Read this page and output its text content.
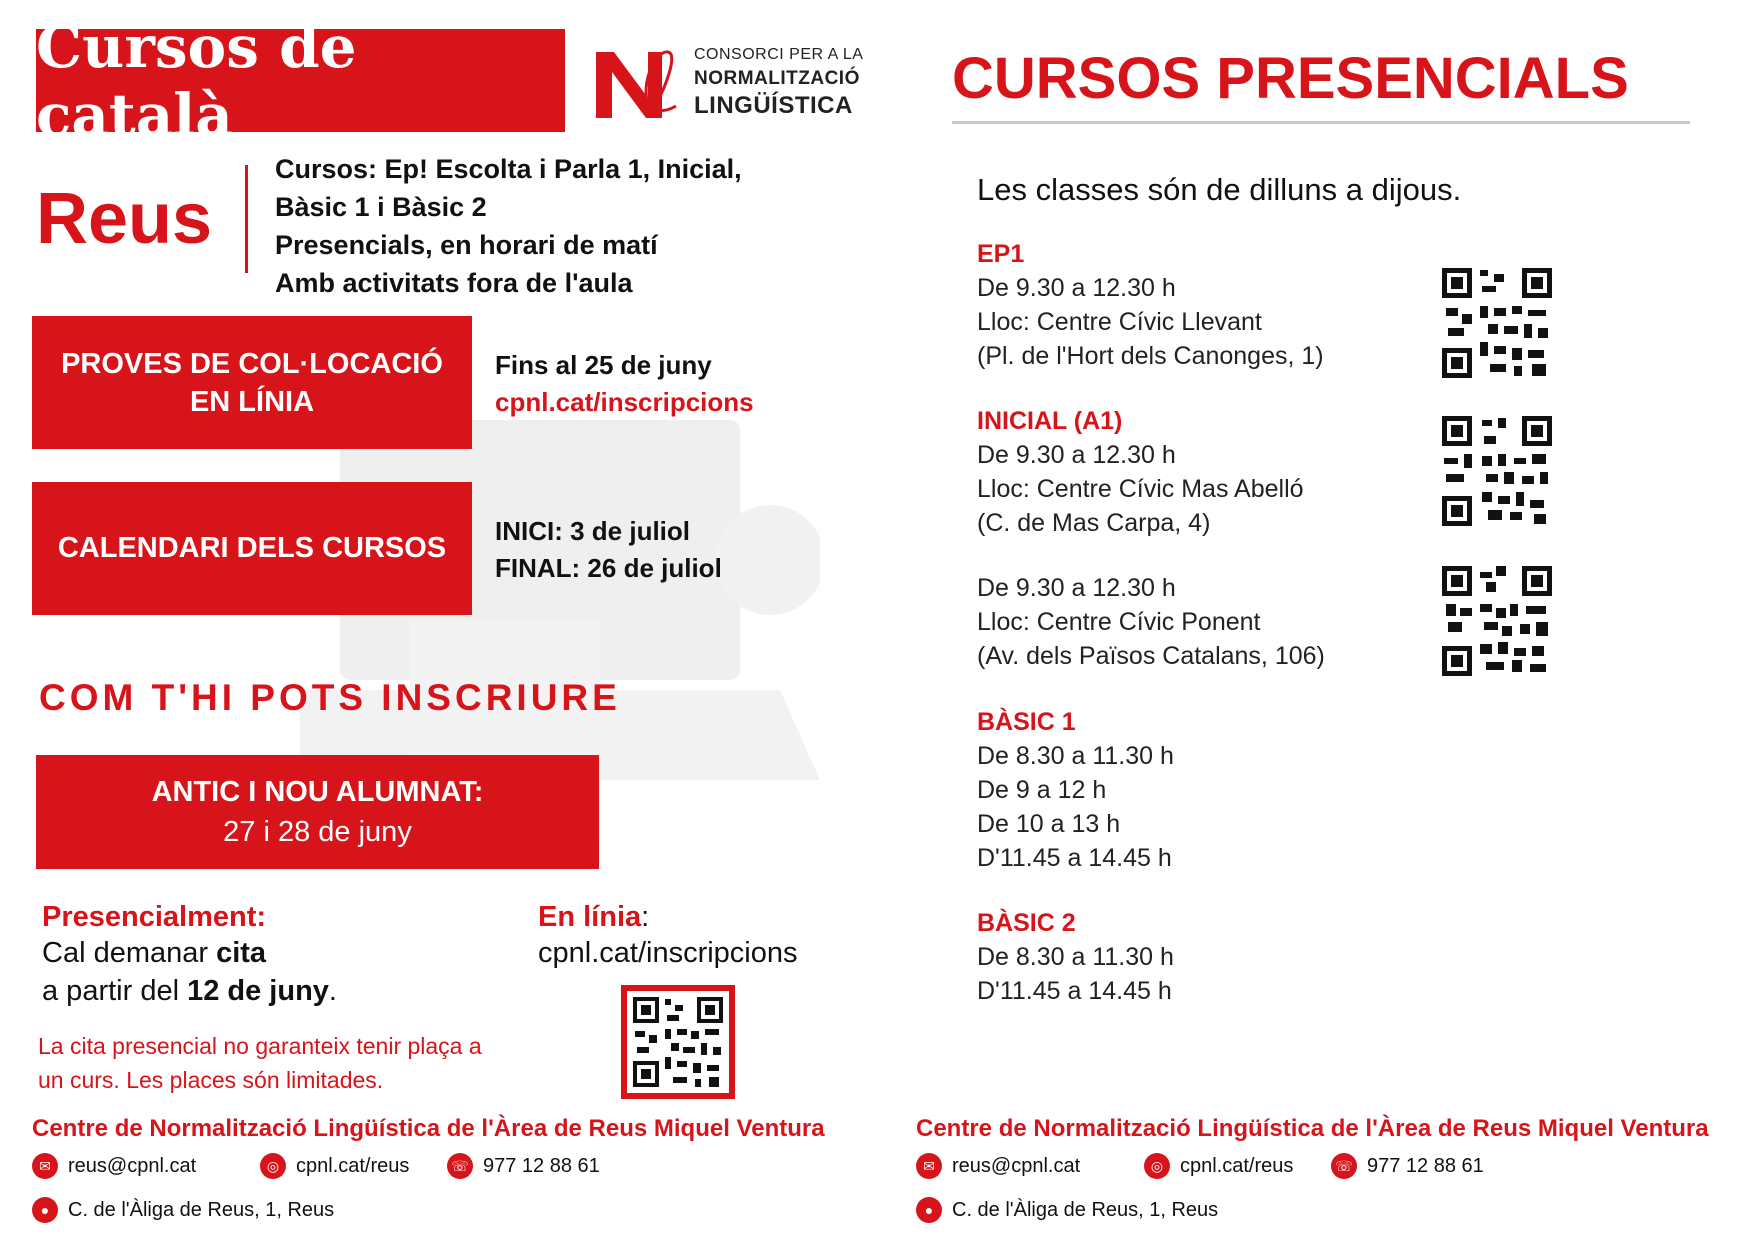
Cursos de català
CONSORCI PER A LA
NORMALITZACIÓ
LINGÜÍSTICA
Reus
Cursos: Ep! Escolta i Parla 1, Inicial,
Bàsic 1 i Bàsic 2
Presencials, en horari de matí
Amb activitats fora de l'aula
PROVES DE COL·LOCACIÓ
EN LÍNIA
Fins al 25 de juny
cpnl.cat/inscripcions
CALENDARI DELS CURSOS
INICI: 3 de juliol
FINAL: 26 de juliol
COM T'HI POTS INSCRIURE
ANTIC I NOU ALUMNAT:
27 i 28 de juny
Presencialment:
Cal demanar cita
a partir del 12 de juny.
En línia:
cpnl.cat/inscripcions
La cita presencial no garanteix tenir plaça a
un curs. Les places són limitades.
CURSOS PRESENCIALS
Les classes són de dilluns a dijous.
EP1
De 9.30 a 12.30 h
Lloc: Centre Cívic Llevant
(Pl. de l'Hort dels Canonges, 1)
INICIAL (A1)
De 9.30 a 12.30 h
Lloc: Centre Cívic Mas Abelló
(C. de Mas Carpa, 4)
De 9.30 a 12.30 h
Lloc: Centre Cívic Ponent
(Av. dels Països Catalans, 106)
BÀSIC 1
De 8.30 a 11.30 h
De 9 a 12 h
De 10 a 13 h
D'11.45 a 14.45 h
BÀSIC 2
De 8.30 a 11.30 h
D'11.45 a 14.45 h
Centre de Normalització Lingüística de l'Àrea de Reus Miquel Ventura
✉ reus@cpnl.cat	◎ cpnl.cat/reus	☏ 977 12 88 61
● C. de l'Àliga de Reus, 1, Reus
Centre de Normalització Lingüística de l'Àrea de Reus Miquel Ventura
✉ reus@cpnl.cat	◎ cpnl.cat/reus	☏ 977 12 88 61
● C. de l'Àliga de Reus, 1, Reus
